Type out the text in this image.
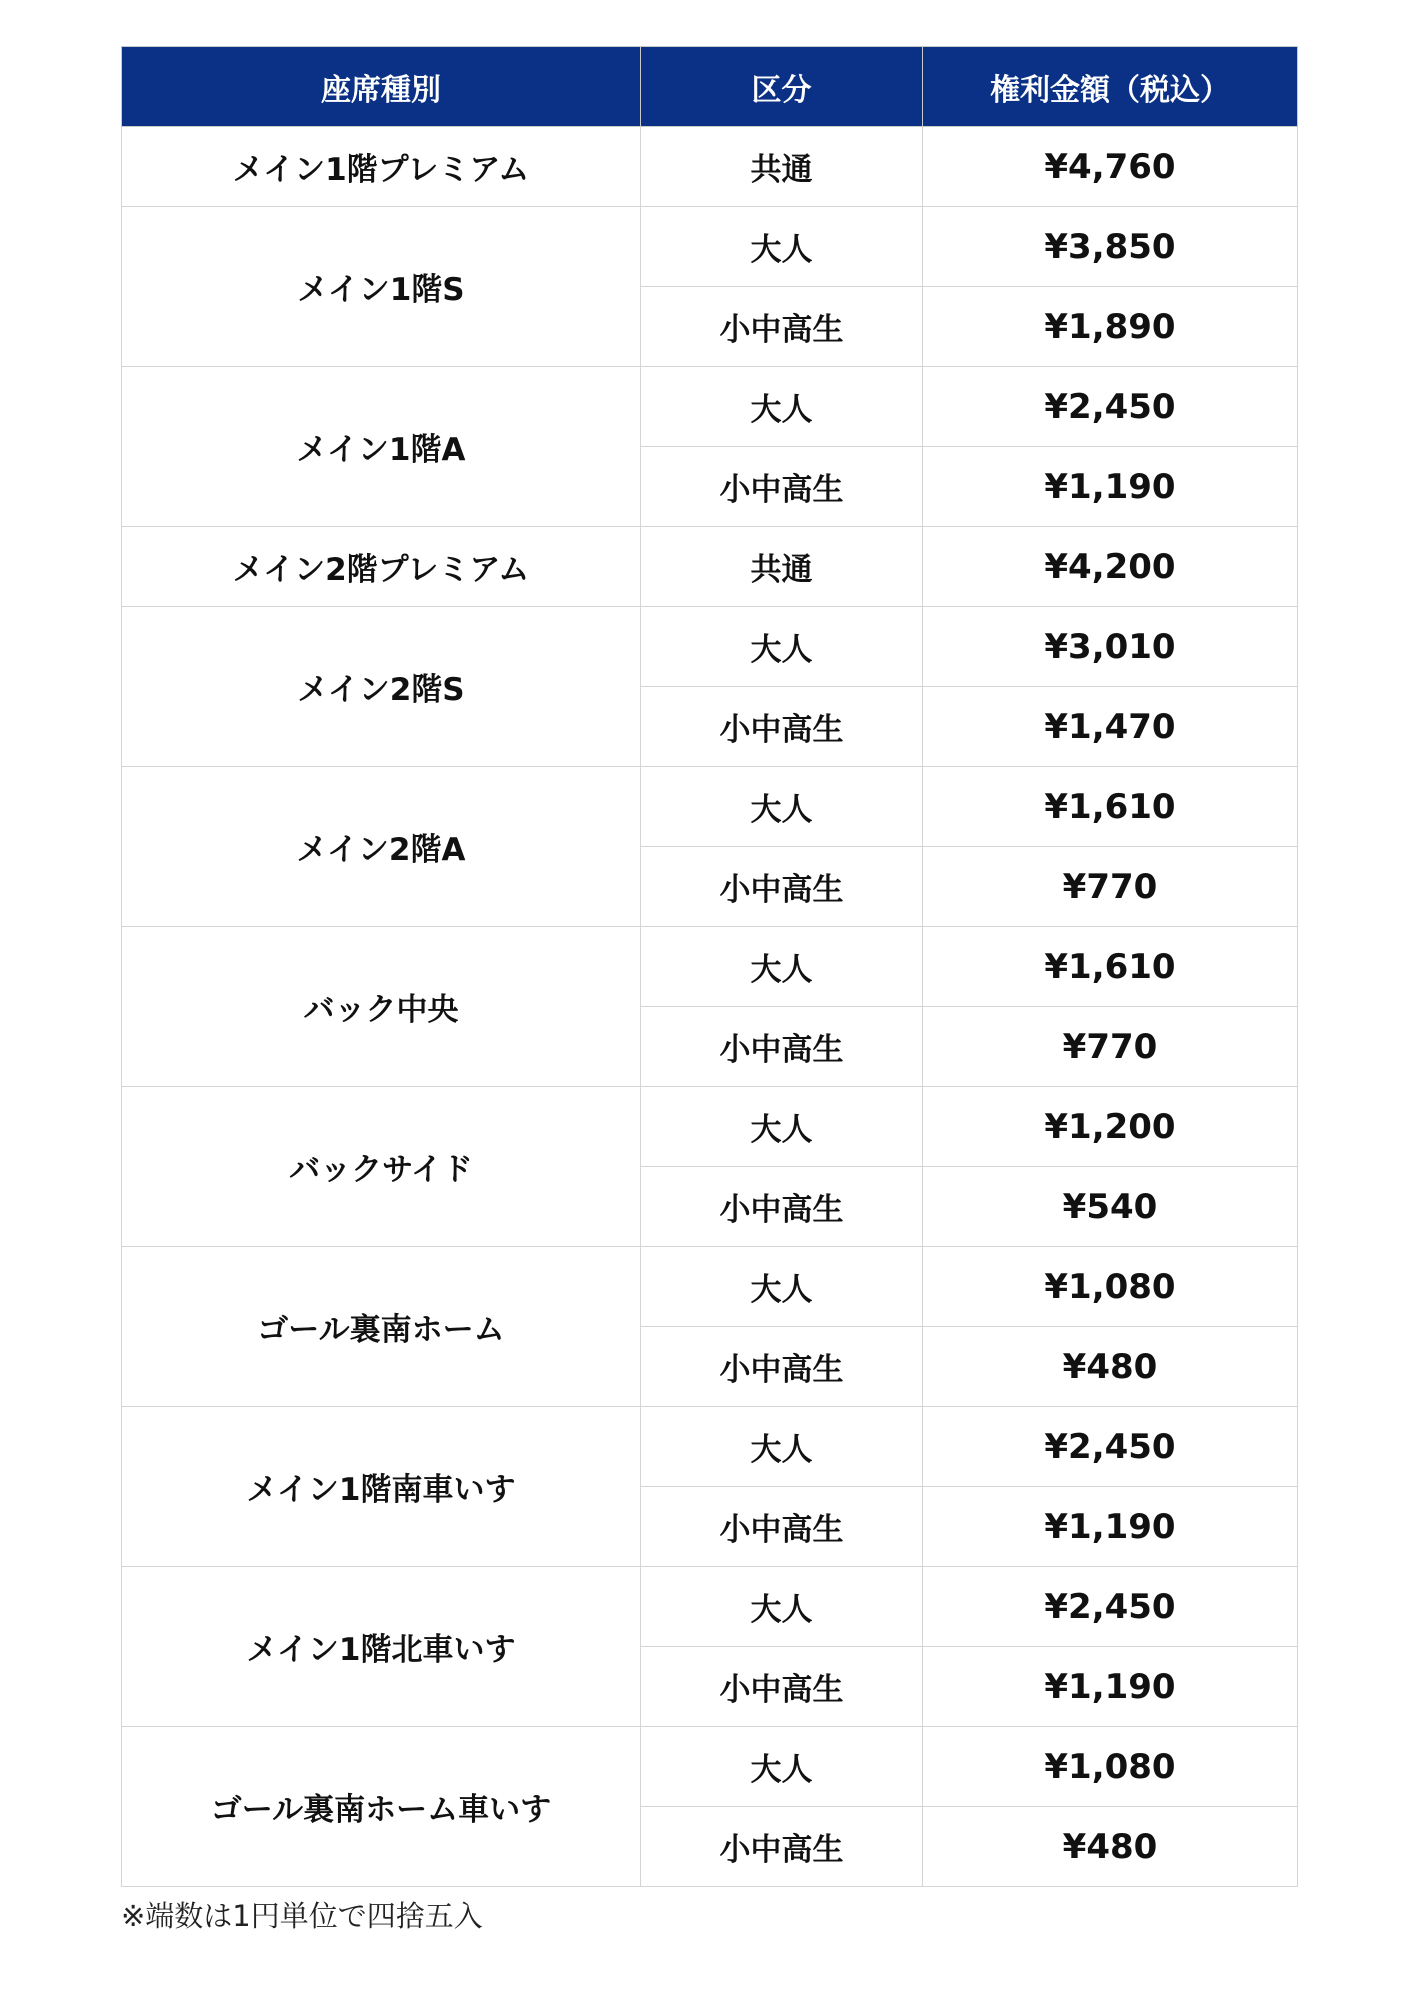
座席種別	区分	権利金額（税込）
メイン1階プレミアム	共通	¥4,760
メイン1階S	大人	¥3,850
	小中高生	¥1,890
メイン1階A	大人	¥2,450
	小中高生	¥1,190
メイン2階プレミアム	共通	¥4,200
メイン2階S	大人	¥3,010
	小中高生	¥1,470
メイン2階A	大人	¥1,610
	小中高生	¥770
バック中央	大人	¥1,610
	小中高生	¥770
バックサイド	大人	¥1,200
	小中高生	¥540
ゴール裏南ホーム	大人	¥1,080
	小中高生	¥480
メイン1階南車いす	大人	¥2,450
	小中高生	¥1,190
メイン1階北車いす	大人	¥2,450
	小中高生	¥1,190
ゴール裏南ホーム車いす	大人	¥1,080
	小中高生	¥480
※端数は1円単位で四捨五入
